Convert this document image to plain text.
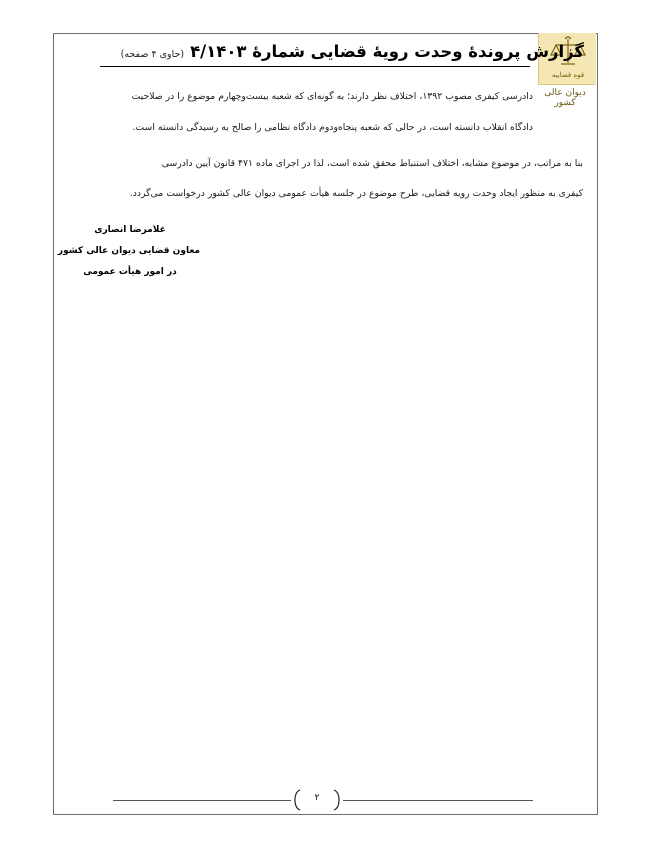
قوه قضاییه
دیوان عالی کشور
گزارش پروندهٔ وحدت رویهٔ قضایی شمارهٔ ۴/۱۴۰۳
(حاوی ۴ صفحه)
دادرسی کیفری مصوب ۱۳۹۲، اختلاف نظر دارند؛ به گونه‌ای که شعبه بیست‌وچهارم موضوع را در صلاحیت
دادگاه انقلاب دانسته است، در حالی که شعبه پنجاه‌ودوم دادگاه نظامی را صالح به رسیدگی دانسته است.
بنا به مراتب، در موضوع مشابه، اختلاف استنباط محقق شده است، لذا در اجرای ماده ۴۷۱ قانون آیین دادرسی
کیفری به منظور ایجاد وحدت رویه قضایی، طرح موضوع در جلسه هیأت عمومی دیوان عالی کشور درخواست می‌گردد.
غلامرضا انصاری
معاون قضایی دیوان عالی کشور
در امور هیأت عمومی
۲
